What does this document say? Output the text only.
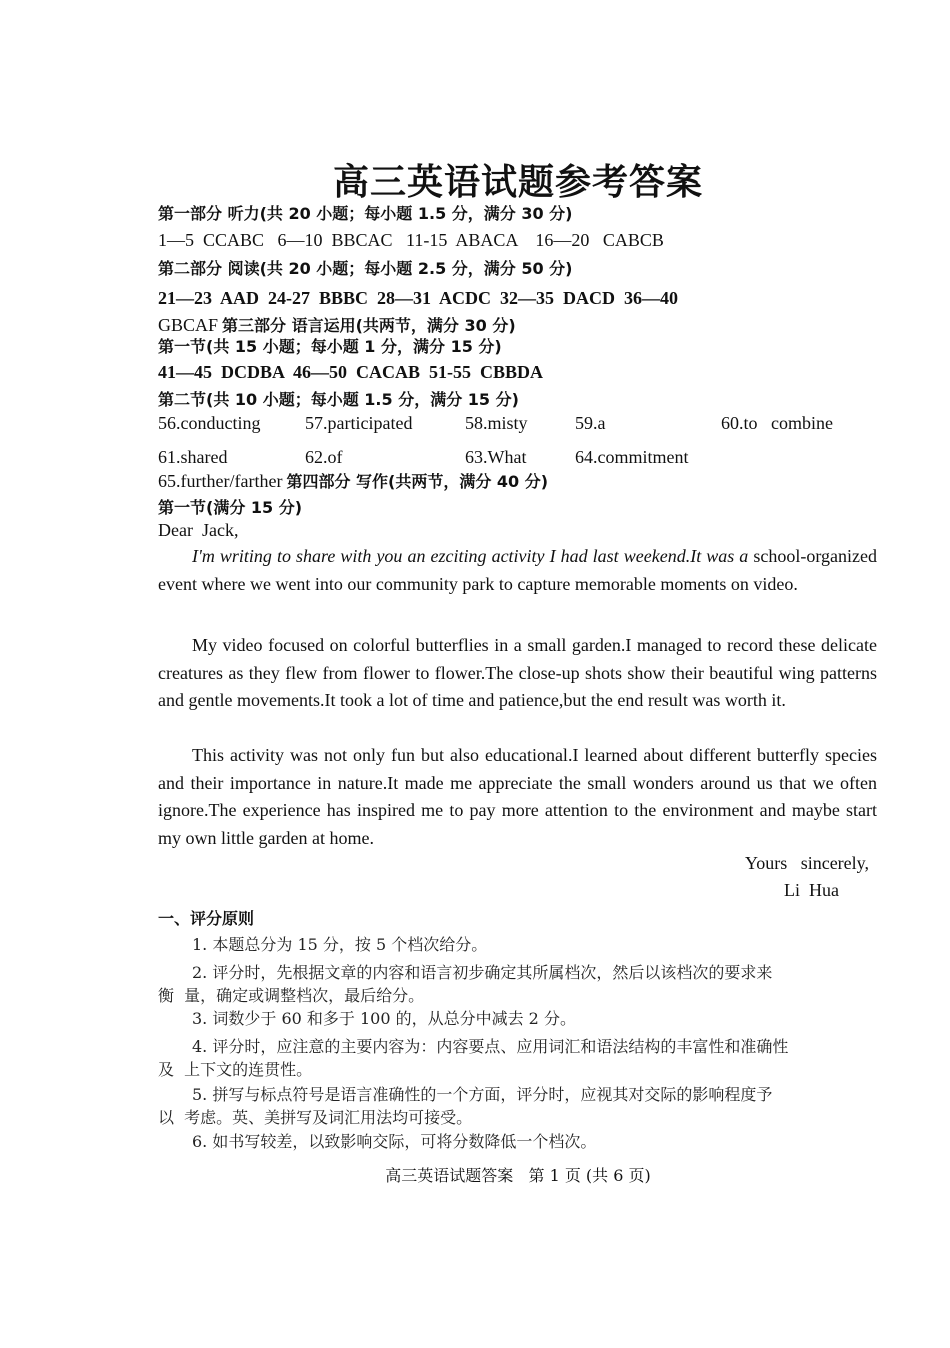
高三英语试题参考答案
第一部分 听力(共 20 小题；每小题 1.5 分，满分 30 分)
1—5  CCABC   6—10  BBCAC   11-15  ABACA    16—20   CABCB
第二部分 阅读(共 20 小题；每小题 2.5 分，满分 50 分)
21—23  AAD  24-27  BBBC  28—31  ACDC  32—35  DACD  36—40
GBCAF 第三部分 语言运用(共两节，满分 30 分)
第一节(共 15 小题；每小题 1 分，满分 15 分)
41—45  DCDBA  46—50  CACAB  51-55  CBBDA
第二节(共 10 小题；每小题 1.5 分，满分 15 分)
56.conducting 57.participated	58.misty	59.a	60.to   combine
61.shared	62.of	63.What	64.commitment
65.further/farther 第四部分 写作(共两节，满分 40 分)
第一节(满分 15 分)
Dear  Jack,
I'm writing to share with you an ezciting activity I had last weekend.It was a school-organized event where we went into our community park to capture memorable moments on video.
My video focused on colorful butterflies in a small garden.I managed to record these delicate creatures as they flew from flower to flower.The close-up shots show their beautiful wing patterns and gentle movements.It took a lot of time and patience,but the end result was worth it.
This activity was not only fun but also educational.I learned about different butterfly species and their importance in nature.It made me appreciate the small wonders around us that we often ignore.The experience has inspired me to pay more attention to the environment and maybe start my own little garden at home.
Yours   sincerely,
Li  Hua
一、评分原则
1. 本题总分为 15 分，按 5 个档次给分。
2. 评分时，先根据文章的内容和语言初步确定其所属档次，然后以该档次的要求来
衡  量，确定或调整档次，最后给分。
3. 词数少于 60 和多于 100 的，从总分中减去 2 分。
4. 评分时，应注意的主要内容为：内容要点、应用词汇和语法结构的丰富性和准确性
及  上下文的连贯性。
5. 拼写与标点符号是语言准确性的一个方面，评分时，应视其对交际的影响程度予
以  考虑。英、美拼写及词汇用法均可接受。
6. 如书写较差，以致影响交际，可将分数降低一个档次。
高三英语试题答案   第 1 页 (共 6 页)
